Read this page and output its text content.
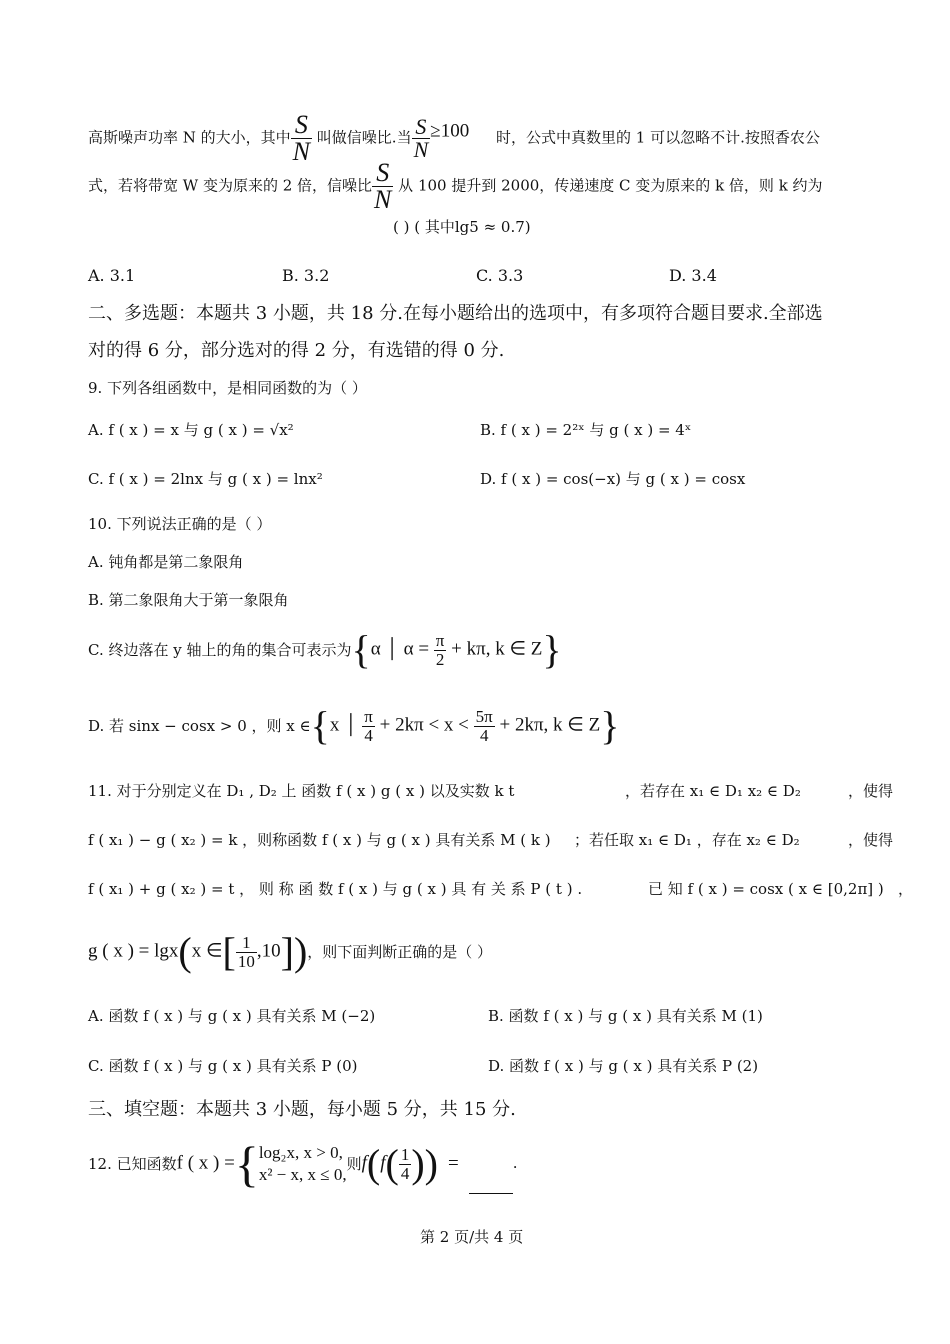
高斯噪声功率 N 的大小，其中 $\frac{S}{N}$ 叫做信噪比.当 $\frac{S}{N} \ge 100$ 时，公式中真数里的 1 可以忽略不计.按照香农公
式，若将带宽 W 变为原来的 2 倍，信噪比 $\frac{S}{N}$ 从 100 提升到 2000，传递速度 C 变为原来的 k 倍，则 k 约为
( ) ( 其中lg5 ≈ 0.7)
A. 3.1	B. 3.2	C. 3.3	D. 3.4
二、多选题：本题共 3 小题，共 18 分.在每小题给出的选项中，有多项符合题目要求.全部选
对的得 6 分，部分选对的得 2 分，有选错的得 0 分.
9. 下列各组函数中，是相同函数的为（ ）
A. f ( x ) = x 与 g ( x ) = √x²	B. f ( x ) = 2²ˣ 与 g ( x ) = 4ˣ
C. f ( x ) = 2lnx 与 g ( x ) = lnx²	D. f ( x ) = cos(−x) 与 g ( x ) = cosx
10. 下列说法正确的是（ ）
A. 钝角都是第二象限角
B. 第二象限角大于第一象限角
C. 终边落在 y 轴上的角的集合可表示为{α │ $\alpha = \frac{\pi}{2} + k\pi$, k ∈ Z}
D. 若 sinx − cosx > 0 ，则 x ∈{x │ $\frac{\pi}{4} + 2k\pi < x < \frac{5\pi}{4} + 2k\pi$, k ∈ Z}
11. 对于分别定义在 D₁ , D₂ 上 函数 f ( x ) g ( x ) 以及实数 k t	，若存在 x₁ ∈ D₁ x₂ ∈ D₂	，使得
f ( x₁ ) − g ( x₂ ) = k ，则称函数 f ( x ) 与 g ( x ) 具有关系 M ( k ) ；若任取 x₁ ∈ D₁ ，存在 x₂ ∈ D₂	，使得
f ( x₁ ) + g ( x₂ ) = t ， 则 称 函 数 f ( x ) 与 g ( x ) 具 有 关 系 P ( t ) .	已 知 f ( x ) = cosx ( x ∈ [0,2π] ) ，
g ( x ) = lgx(x ∈[ $\frac{1}{10} ,10$])，则下面判断正确的是（ ）
A. 函数 f ( x ) 与 g ( x ) 具有关系 M (−2)	B. 函数 f ( x ) 与 g ( x ) 具有关系 M (1)
C. 函数 f ( x ) 与 g ( x ) 具有关系 P (0)	D. 函数 f ( x ) 与 g ( x ) 具有关系 P (2)
三、填空题：本题共 3 小题，每小题 5 分，共 15 分.
12. 已知函数f ( x ) ={ log₂x, x > 0,
x² − x, x ≤ 0,
则$f(f( \frac{1}{4}$ )) =	.
第 2 页/共 4 页
